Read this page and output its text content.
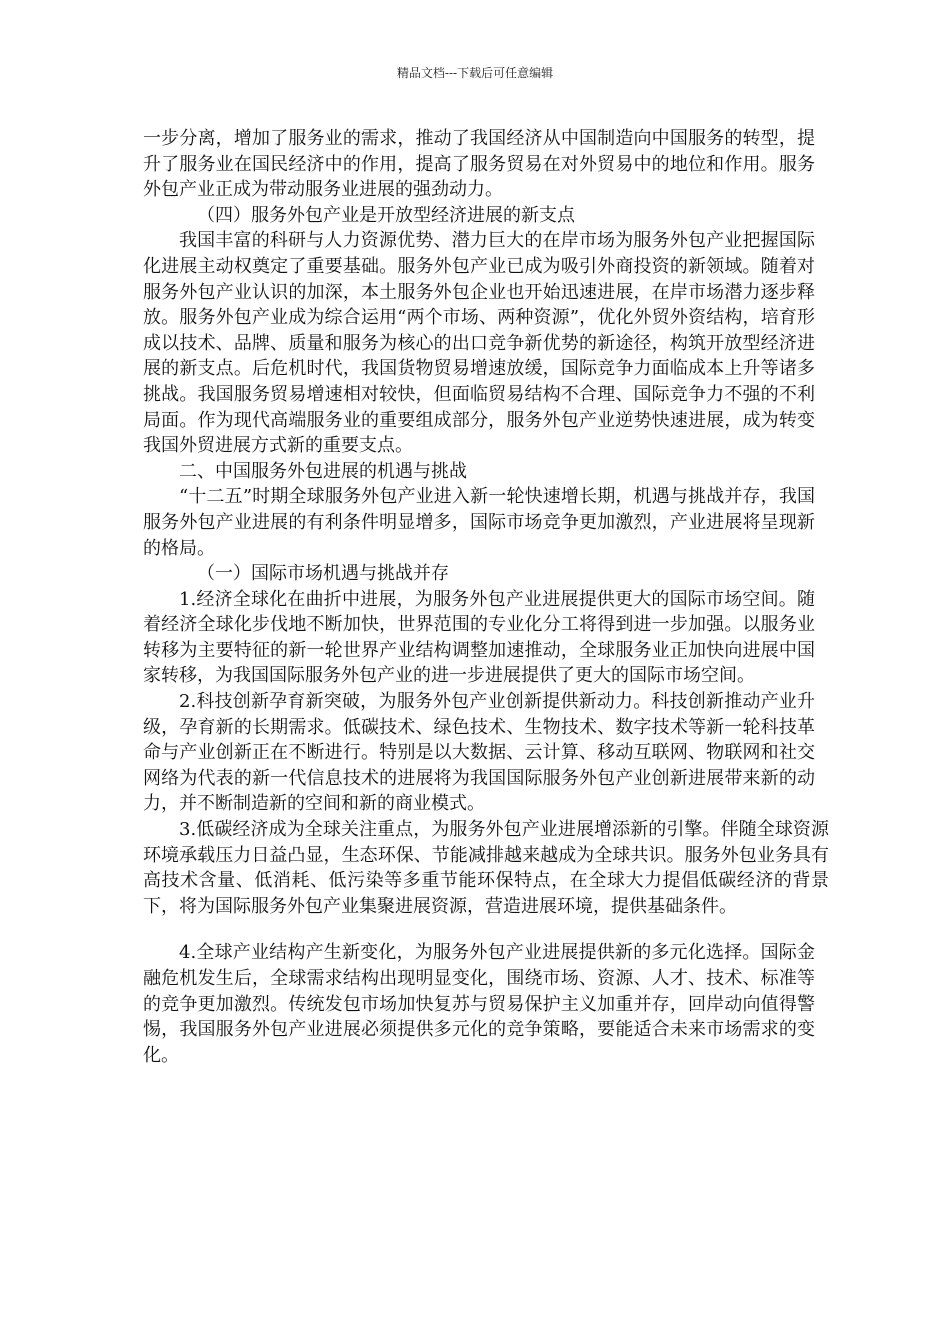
精品文档---下载后可任意编辑

一步分离，增加了服务业的需求，推动了我国经济从中国制造向中国服务的转型，提升了服务业在国民经济中的作用，提高了服务贸易在对外贸易中的地位和作用。服务外包产业正成为带动服务业进展的强劲动力。

（四）服务外包产业是开放型经济进展的新支点

我国丰富的科研与人力资源优势、潜力巨大的在岸市场为服务外包产业把握国际化进展主动权奠定了重要基础。服务外包产业已成为吸引外商投资的新领域。随着对服务外包产业认识的加深，本土服务外包企业也开始迅速进展，在岸市场潜力逐步释放。服务外包产业成为综合运用“两个市场、两种资源”，优化外贸外资结构，培育形成以技术、品牌、质量和服务为核心的出口竞争新优势的新途径，构筑开放型经济进展的新支点。后危机时代，我国货物贸易增速放缓，国际竞争力面临成本上升等诸多挑战。我国服务贸易增速相对较快，但面临贸易结构不合理、国际竞争力不强的不利局面。作为现代高端服务业的重要组成部分，服务外包产业逆势快速进展，成为转变我国外贸进展方式新的重要支点。

二、中国服务外包进展的机遇与挑战

“十二五”时期全球服务外包产业进入新一轮快速增长期，机遇与挑战并存，我国服务外包产业进展的有利条件明显增多，国际市场竞争更加激烈，产业进展将呈现新的格局。

（一）国际市场机遇与挑战并存

1.经济全球化在曲折中进展，为服务外包产业进展提供更大的国际市场空间。随着经济全球化步伐地不断加快，世界范围的专业化分工将得到进一步加强。以服务业转移为主要特征的新一轮世界产业结构调整加速推动，全球服务业正加快向进展中国家转移，为我国国际服务外包产业的进一步进展提供了更大的国际市场空间。

2.科技创新孕育新突破，为服务外包产业创新提供新动力。科技创新推动产业升级，孕育新的长期需求。低碳技术、绿色技术、生物技术、数字技术等新一轮科技革命与产业创新正在不断进行。特别是以大数据、云计算、移动互联网、物联网和社交网络为代表的新一代信息技术的进展将为我国国际服务外包产业创新进展带来新的动力，并不断制造新的空间和新的商业模式。

3.低碳经济成为全球关注重点，为服务外包产业进展增添新的引擎。伴随全球资源环境承载压力日益凸显，生态环保、节能减排越来越成为全球共识。服务外包业务具有高技术含量、低消耗、低污染等多重节能环保特点，在全球大力提倡低碳经济的背景下，将为国际服务外包产业集聚进展资源，营造进展环境，提供基础条件。

4.全球产业结构产生新变化，为服务外包产业进展提供新的多元化选择。国际金融危机发生后，全球需求结构出现明显变化，围绕市场、资源、人才、技术、标准等的竞争更加激烈。传统发包市场加快复苏与贸易保护主义加重并存，回岸动向值得警惕，我国服务外包产业进展必须提供多元化的竞争策略，要能适合未来市场需求的变化。
